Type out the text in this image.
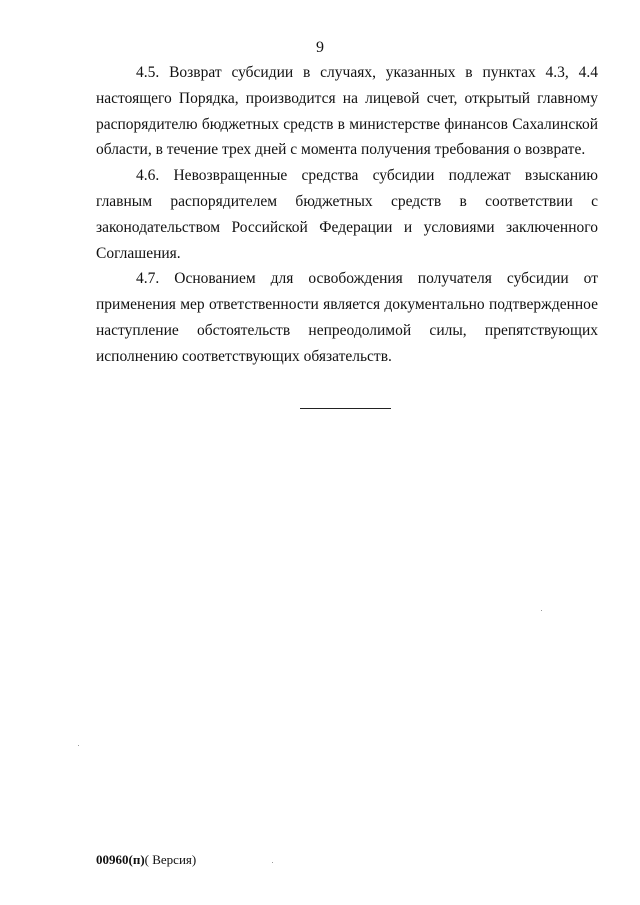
9

4.5. Возврат субсидии в случаях, указанных в пунктах 4.3, 4.4 настоящего Порядка, производится на лицевой счет, открытый главному распорядителю бюджетных средств в министерстве финансов Сахалинской области, в течение трех дней с момента получения требования о возврате.

4.6. Невозвращенные средства субсидии подлежат взысканию главным распорядителем бюджетных средств в соответствии с законодательством Российской Федерации и условиями заключенного Соглашения.

4.7. Основанием для освобождения получателя субсидии от применения мер ответственности является документально подтвержденное наступление обстоятельств непреодолимой силы, препятствующих

исполнению соответствующих обязательств.

00960(п)( Версия)
